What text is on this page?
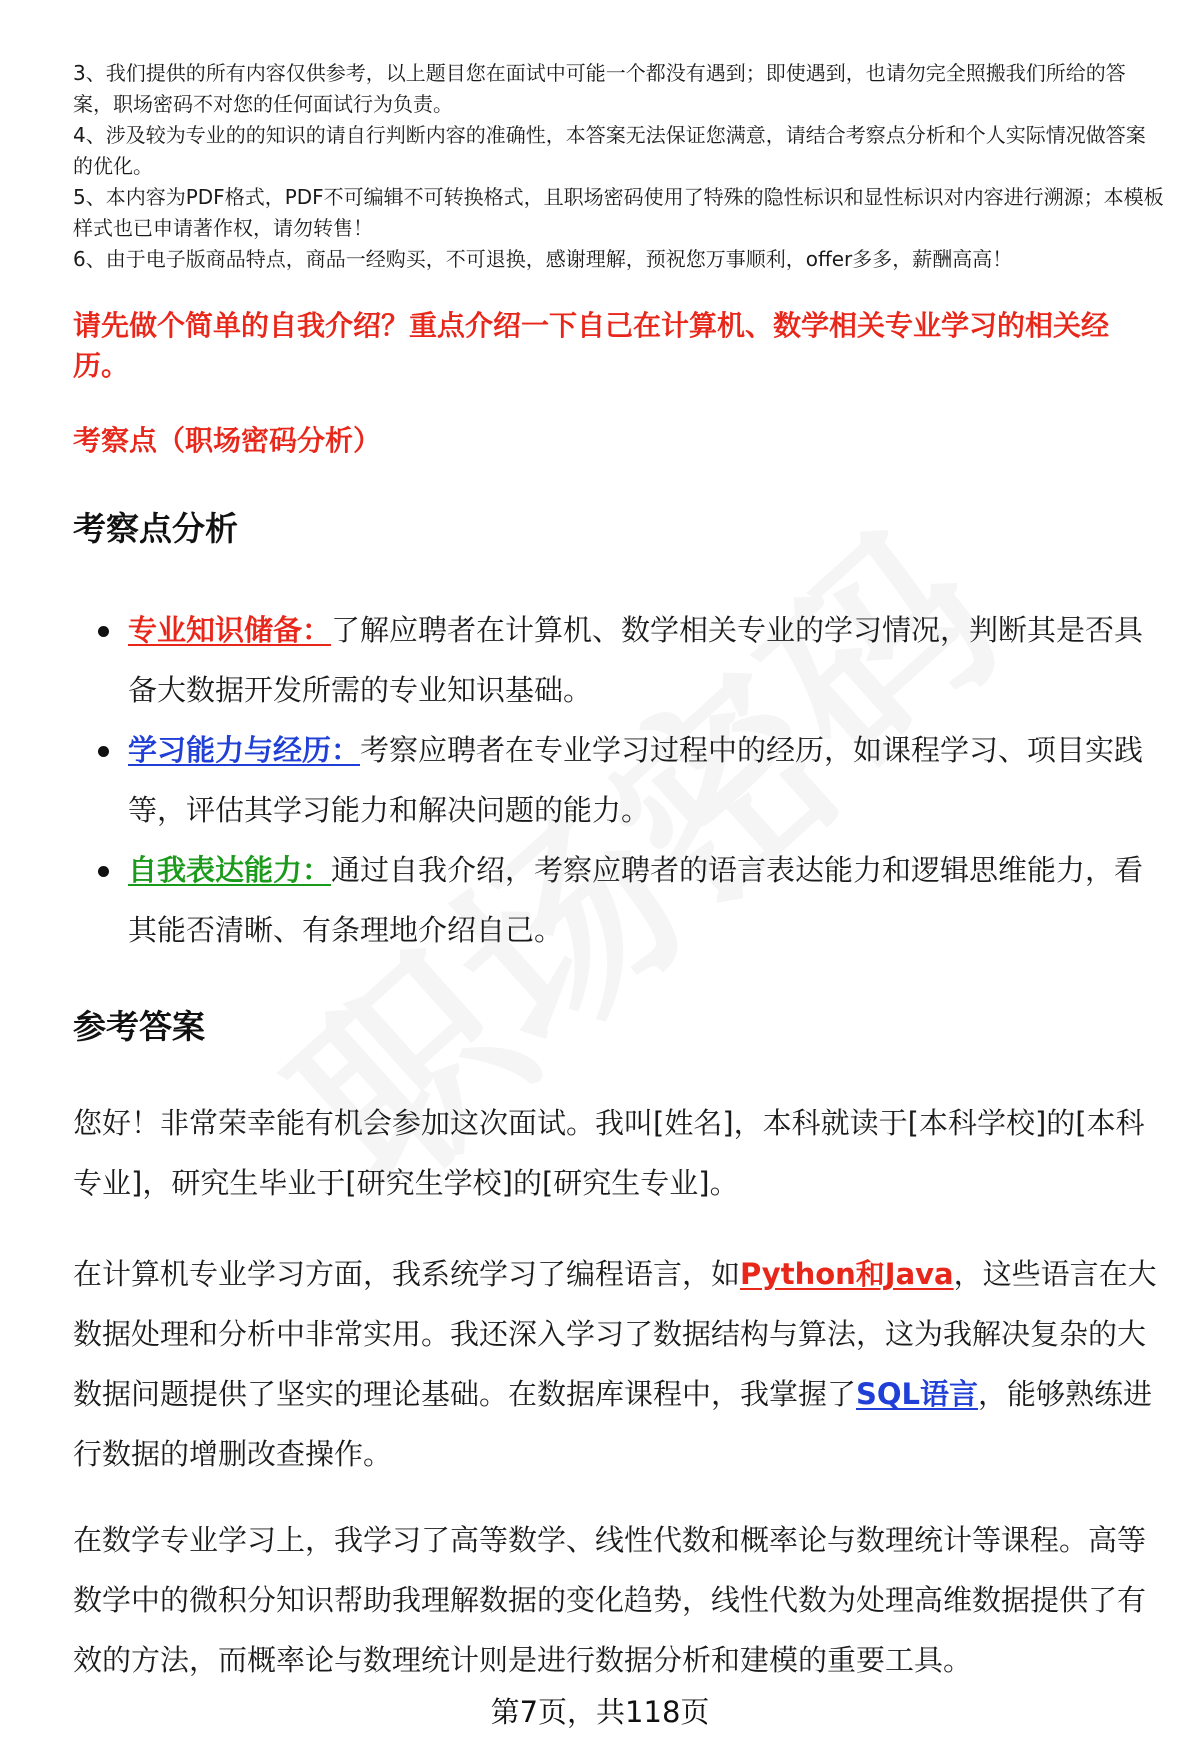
3、我们提供的所有内容仅供参考，以上题目您在面试中可能一个都没有遇到；即使遇到，也请勿完全照搬我们所给的答案，职场密码不对您的任何面试行为负责。

4、涉及较为专业的的知识的请自行判断内容的准确性，本答案无法保证您满意，请结合考察点分析和个人实际情况做答案的优化。

5、本内容为PDF格式，PDF不可编辑不可转换格式，且职场密码使用了特殊的隐性标识和显性标识对内容进行溯源；本模板样式也已申请著作权，请勿转售！

6、由于电子版商品特点，商品一经购买，不可退换，感谢理解，预祝您万事顺利，offer多多，薪酬高高！

请先做个简单的自我介绍？重点介绍一下自己在计算机、数学相关专业学习的相关经历。
考察点（职场密码分析）
考察点分析
专业知识储备：了解应聘者在计算机、数学相关专业的学习情况，判断其是否具备大数据开发所需的专业知识基础。
学习能力与经历：考察应聘者在专业学习过程中的经历，如课程学习、项目实践等，评估其学习能力和解决问题的能力。
自我表达能力：通过自我介绍，考察应聘者的语言表达能力和逻辑思维能力，看其能否清晰、有条理地介绍自己。
参考答案

您好！非常荣幸能有机会参加这次面试。我叫[姓名]，本科就读于[本科学校]的[本科专业]，研究生毕业于[研究生学校]的[研究生专业]。

在计算机专业学习方面，我系统学习了编程语言，如Python和Java，这些语言在大数据处理和分析中非常实用。我还深入学习了数据结构与算法，这为我解决复杂的大数据问题提供了坚实的理论基础。在数据库课程中，我掌握了SQL语言，能够熟练进行数据的增删改查操作。

在数学专业学习上，我学习了高等数学、线性代数和概率论与数理统计等课程。高等数学中的微积分知识帮助我理解数据的变化趋势，线性代数为处理高维数据提供了有效的方法，而概率论与数理统计则是进行数据分析和建模的重要工具。

第7页，共118页
